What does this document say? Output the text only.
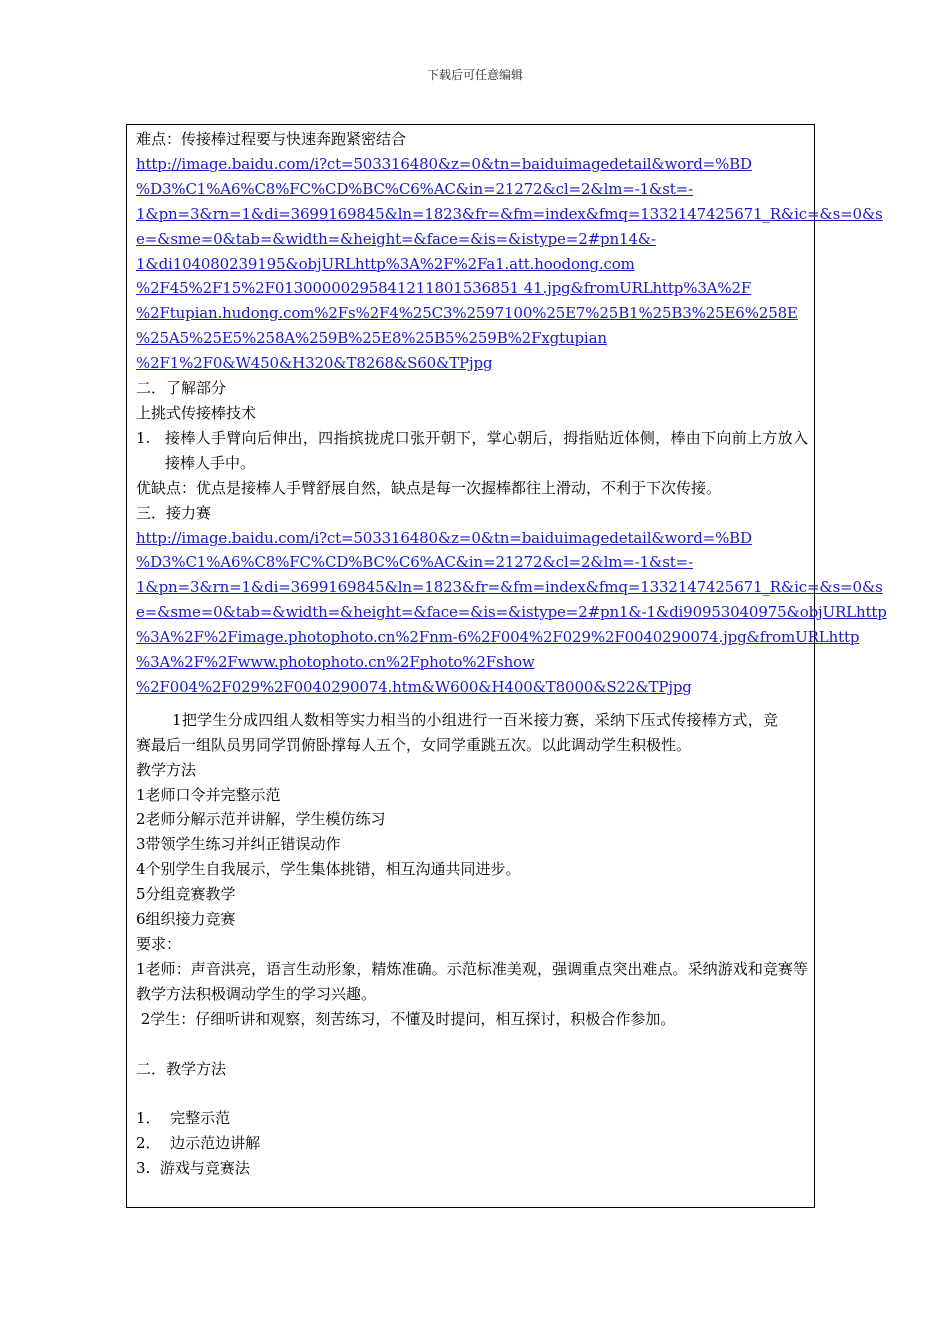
下载后可任意编辑
难点：传接棒过程要与快速奔跑紧密结合
http://image.baidu.com/i?ct=503316480&z=0&tn=baiduimagedetail&word=%BD
%D3%C1%A6%C8%FC%CD%BC%C6%AC&in=21272&cl=2&lm=-1&st=-
1&pn=3&rn=1&di=3699169845&ln=1823&fr=&fm=index&fmq=1332147425671_R&ic=&s=0&s
e=&sme=0&tab=&width=&height=&face=&is=&istype=2#pn14&-
1&di104080239195&objURLhttp%3A%2F%2Fa1.att.hoodong.com
%2F45%2F15%2F01300000295841211801536851 41.jpg&fromURLhttp%3A%2F
%2Ftupian.hudong.com%2Fs%2F4%25C3%2597100%25E7%25B1%25B3%25E6%258E
%25A5%25E5%258A%259B%25E8%25B5%259B%2Fxgtupian
%2F1%2F0&W450&H320&T8268&S60&TPjpg
二．了解部分
上挑式传接棒技术
1. 接棒人手臂向后伸出，四指摈拢虎口张开朝下，掌心朝后，拇指贴近体侧，棒由下向前上方放入接棒人手中。
优缺点：优点是接棒人手臂舒展自然，缺点是每一次握棒都往上滑动，不利于下次传接。
三．接力赛
http://image.baidu.com/i?ct=503316480&z=0&tn=baiduimagedetail&word=%BD
%D3%C1%A6%C8%FC%CD%BC%C6%AC&in=21272&cl=2&lm=-1&st=-
1&pn=3&rn=1&di=3699169845&ln=1823&fr=&fm=index&fmq=1332147425671_R&ic=&s=0&s
e=&sme=0&tab=&width=&height=&face=&is=&istype=2#pn1&-1&di90953040975&objURLhttp
%3A%2F%2Fimage.photophoto.cn%2Fnm-6%2F004%2F029%2F0040290074.jpg&fromURLhttp
%3A%2F%2Fwww.photophoto.cn%2Fphoto%2Fshow
%2F004%2F029%2F0040290074.htm&W600&H400&T8000&S22&TPjpg
1把学生分成四组人数相等实力相当的小组进行一百米接力赛，采纳下压式传接棒方式，竞赛最后一组队员男同学罚俯卧撑每人五个，女同学重跳五次。以此调动学生积极性。
教学方法
1老师口令并完整示范
2老师分解示范并讲解，学生模仿练习
3带领学生练习并纠正错误动作
4个别学生自我展示，学生集体挑错，相互沟通共同进步。
5分组竞赛教学
6组织接力竞赛
要求：
1老师：声音洪亮，语言生动形象，精炼准确。示范标准美观，强调重点突出难点。采纳游戏和竞赛等教学方法积极调动学生的学习兴趣。
2学生：仔细听讲和观察，刻苦练习，不懂及时提问，相互探讨，积极合作参加。
二．教学方法
1．  完整示范
2．  边示范边讲解
3.  游戏与竞赛法
